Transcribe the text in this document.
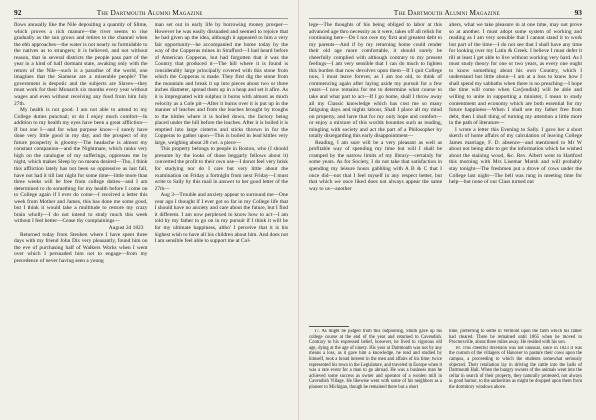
92	The Dartmouth Alumni Magazine

flows annually like the Nile depositing a quantity of Slime, which proves a rich manure—the river seems to rise gradually as the sun grows and retires to the channel when the ebb approaches—the water is not nearly so formidable to the natives as to strangers; it is believed, and not without reason, that in several districts the people pass part of the year in a kind of half dormant state, awaking only with the return of the Nile—such is a paradise of the world, one imagines that the Siamese are a miserable people? The government is despotic and the subjects are Slaves—they must work for their Monarch six months every year without wages and even without receiving any food from him July 27th.

My health is not good. I am not able to attend to my College duties punctual; or do I enjoy much comfort—In addition to my health my eyes have been a great affliction—If but one I—and for what purpose know—I surely have done very little good in my day, and the prospect of my future prosperity is gloomy—The headache is almost my constant companion—and the Nightmare, which ranks very high on the catalogue of my sufferings, oppresses me by night, which makes Sleep by no means desired—Tho, I think this affliction lately has not been so oppressive as last fall, have not had it till last night for some time—little more than three weeks will be free from college duties—and I am determined to do something for my health before I come on to College again if I ever do come—I received a letter this week from Mother and James, this has done me some good, but I think it would take a multitude to restore my crazy brain wholly—I do not intend to study much this week without I feel better—Cease thy complainings—

August 2d 1823

Returned today from Steuben where I have spent three days with my friend John Dix very pleasantly, found him on the eve of purchasing half of Walkers Works when I went over which I persuaded him not to engage—from my precedence of never having seen a young

man set out in early life by borrowing money prosper—However he was easily dissuaded and seemed to rejoice that he had given up the idea, although it appeared to him a very fair opportunity—he accompanied me home today by the way of the Copperas mines in Strafford—I had heard before of American Copperas, but had forgotten that it was the Country that produced it—The hill where it is found is considerably large principally covered with this stone from which the Copperas is made. They first dig the stone from the mountain and break it up into pieces about two or three inches diameter, spread them up in a heap and set it afire. As it is impregnated with sulphur it burns with almost as much velocity as a Cole pit—After it burns over it is put up in the manner of leaches and from the leaches brought by troughs to the kittles where it is boiled down, the factory being placed under the hill before the leaches. After it is boiled it is emptied into large cisterns and sticks thrown in for the Copperas to gather upon—This is boiled in lead kittles very large, weighing about 28 cwt. a piece—

This property belongs to people in Boston, who (I should presume by the looks of those beggarly fellows about it) converted the profit to their own use—I donot feel very brisk for studying nor do I care but very little about the examination on Friday a fortnight from next Friday—I must write to Sally by this mail in answer to her good letter of the 27th—

Aug 3—Trouble and anxiety appear to surround me—One year ago I thought if I ever got so far in my College life that I should have no anxiety and care about the future, but I find it different. I am now perplexed to know how to act—I am told by my father to go on in my pursuit if I think it will be for my ultimate happiness, altho' I perceive that it is his highest wish to have all his children about him. And does not I am sensible feel able to support me at Col-

The Dartmouth Alumni Magazine	93

lege—The thoughts of his being obliged to labor at this advanced age thro necessity as it were, takes off all relish for continuing here—Do I not owe my first and greatest debt to my parents—And if by my returning home could render their old age more comfortable, it should surely be cheerfully complied with although contrary to my present feelings—I am very sensible that I can do much to lighten this burden that now devolves upon them—If I quit College now, I must leave forever, as I am too old, to think of commencing again after laying aside my pursuit for a few years—I now remains for me to determine what course to take and what part to act—If I go home, shall I throw away all my Classic knowledge which has cost me so many fatiguing days and nights labour, Shall I place all my mind on property, and have that for my only hope and comfort—or enjoy a mixture of this worlds bounties such as reading, mingling with society and act the part of a Philosopher by totally disregarding this early disappointment—

Reading, I am sure will be a very pleasant as well as profitable way of spending my time but will I shall be cramped by the narrow limits of my library—certainly for some years. As for Society, I do not take that satisfaction in spending my leisure hours gabbling with A B & C that I once did—not that I feel myself in any respect better, but that which we once liked does not always appear the same way to us—another

alters, what we take pleasure in at one time, may not prove so at another. I must adopt some system of working and reading as I am very sensible that I cannot stand it to work but part of the time—I do not see that I shall have any time for looking over my Latin & Greek. I believe I must defer it till at least I get able to live without working very hard. As I must study theory for one or two years, as every one ought to know something about his own Country, which I understand but little about—I am at a loss to know how I shall spend my sabbaths when there is no preaching—I hope the time will come when Cav[endish] will be able and willing to unite in supporting a minister, I mean to study contentment and economy which are both essential for my future happiness—When I shall see my father free from debt, then I shall thing of turning my attention a little more in the path of literature—

I wrote a letter this Evening to Sally. I gave her a short sketch of home affairs of my calculation of leaving College James marriage, F. D. absence—and mentioned to Mr W about not being able to get the information which he wished about the staining wood, &c. Rev. Albert went to Hartford this morning with Mrs Lisemar Marsh and will probably stay tonight—The freshmen put a drove of cows under the College last night—The bell was rung in meeting time for help—but none of our Class turned out

17. As might be judged from this outpouring, Smith gave up his college course at the end of the year and returned to Cavendish. Contrary to his expressed belief, however, he lived to vigorous old age, dying at the age of ninety. His year at Dartmouth was not by any means a loss, as it gave him a knowledge, he read and studied by himself, took a broad interest in the men and affairs of his time; twice represented his town in the Legislature, and traveled in Europe when it was a rare event for a man to go abroad. He was a business man he achieved some success as owner and operator of a woolen mill in Cavendish Village. He likewise went with some of his neighbors as a pioneer to Michigan, though he remained there but a short

time, preferring to settle in Vermont upon the farm which his father had cleared. There he remained until 1865 when he moved to Proctorsville, about three miles away. He resided with his son.

18. This cheerful diversion was not unusual, since in 1823 it was the custom of the villagers of Hanover to pasture their cows upon the campus, a proceeding to which the students somewhat seriously objected. Their retaliation lay in driving the cattle into the halls of Dartmouth Hall. When the hungry owners of the animals went into the cellar in search of their property, they naturally protested, not always in good humor, to the authorities as might be dropped upon them from the dormitory windows above.
